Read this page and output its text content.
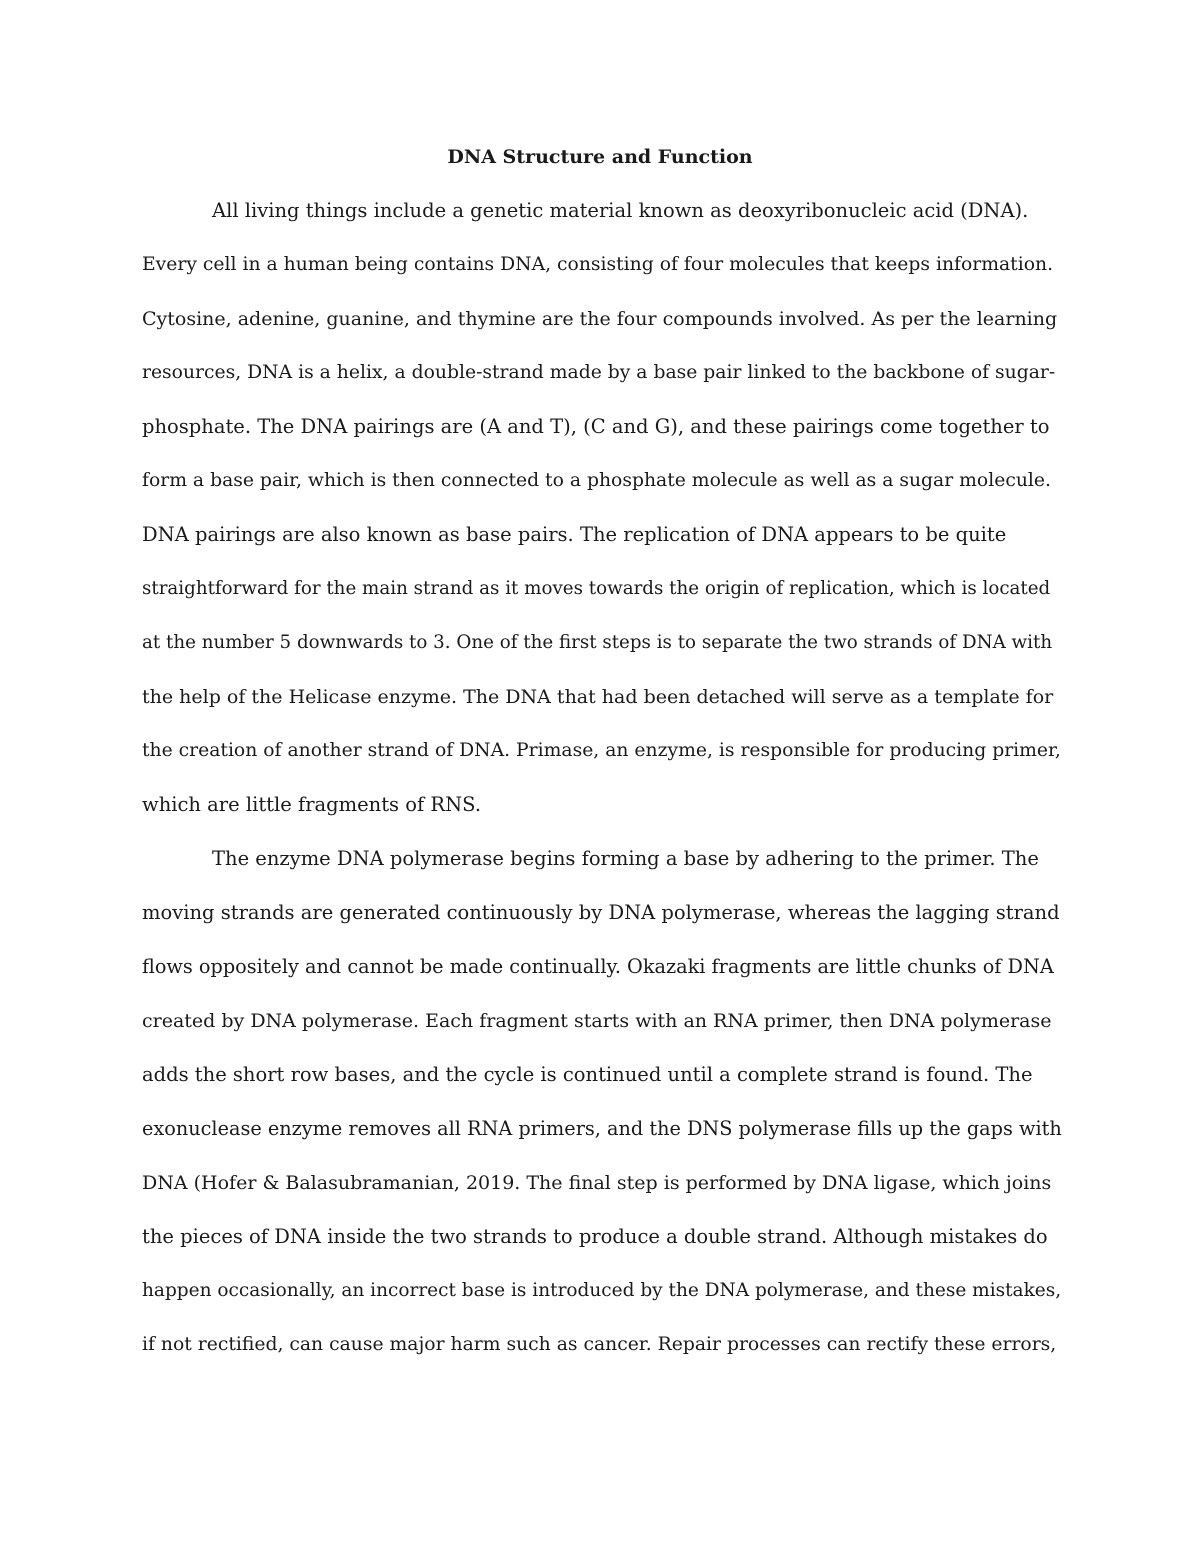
DNA Structure and Function

All living things include a genetic material known as deoxyribonucleic acid (DNA).

Every cell in a human being contains DNA, consisting of four molecules that keeps information.

Cytosine, adenine, guanine, and thymine are the four compounds involved. As per the learning

resources, DNA is a helix, a double-strand made by a base pair linked to the backbone of sugar-

phosphate. The DNA pairings are (A and T), (C and G), and these pairings come together to

form a base pair, which is then connected to a phosphate molecule as well as a sugar molecule.

DNA pairings are also known as base pairs. The replication of DNA appears to be quite

straightforward for the main strand as it moves towards the origin of replication, which is located

at the number 5 downwards to 3. One of the first steps is to separate the two strands of DNA with

the help of the Helicase enzyme. The DNA that had been detached will serve as a template for

the creation of another strand of DNA. Primase, an enzyme, is responsible for producing primer,

which are little fragments of RNS.

The enzyme DNA polymerase begins forming a base by adhering to the primer. The

moving strands are generated continuously by DNA polymerase, whereas the lagging strand

flows oppositely and cannot be made continually. Okazaki fragments are little chunks of DNA

created by DNA polymerase. Each fragment starts with an RNA primer, then DNA polymerase

adds the short row bases, and the cycle is continued until a complete strand is found. The

exonuclease enzyme removes all RNA primers, and the DNS polymerase fills up the gaps with

DNA (Hofer & Balasubramanian, 2019. The final step is performed by DNA ligase, which joins

the pieces of DNA inside the two strands to produce a double strand. Although mistakes do

happen occasionally, an incorrect base is introduced by the DNA polymerase, and these mistakes,

if not rectified, can cause major harm such as cancer. Repair processes can rectify these errors,
